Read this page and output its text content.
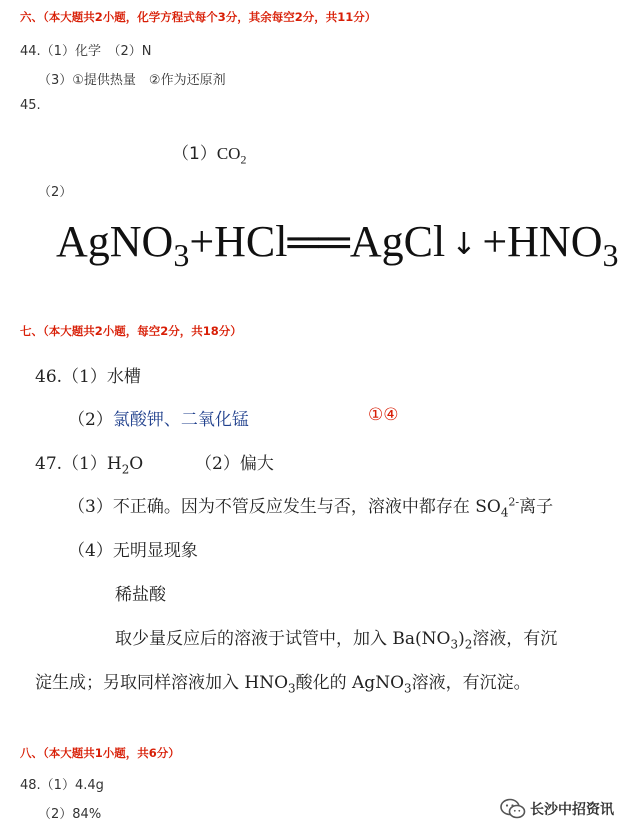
六、（本大题共2小题，化学方程式每个3分，其余每空2分，共11分）
44.（1）化学　（2）N
（3）①提供热量　②作为还原剂
45.
$(1)CO_2$
（2）
AgNO$_3$+HCl══AgCl ↓ $+HNO_3$
七、（本大题共2小题，每空2分，共18分）
46.（1）水槽
（2）氯酸钾、二氧化锰	①④
$47.(1)H_2O$	（2）偏大
（3）不正确。因为不管反应发生与否，溶液中都存在 $SO_4^{2-}$离子
（4）无明显现象
稀盐酸
取少量反应后的溶液于试管中，加入 $Ba(NO_3)_2$溶液，有沉
淀生成；另取同样溶液加入 $HNO_3$酸化的 AgNO$_3$溶液，有沉淀。
八、（本大题共1小题，共6分）
48.（1）4.4g
（2）84%	长沙中招资讯
